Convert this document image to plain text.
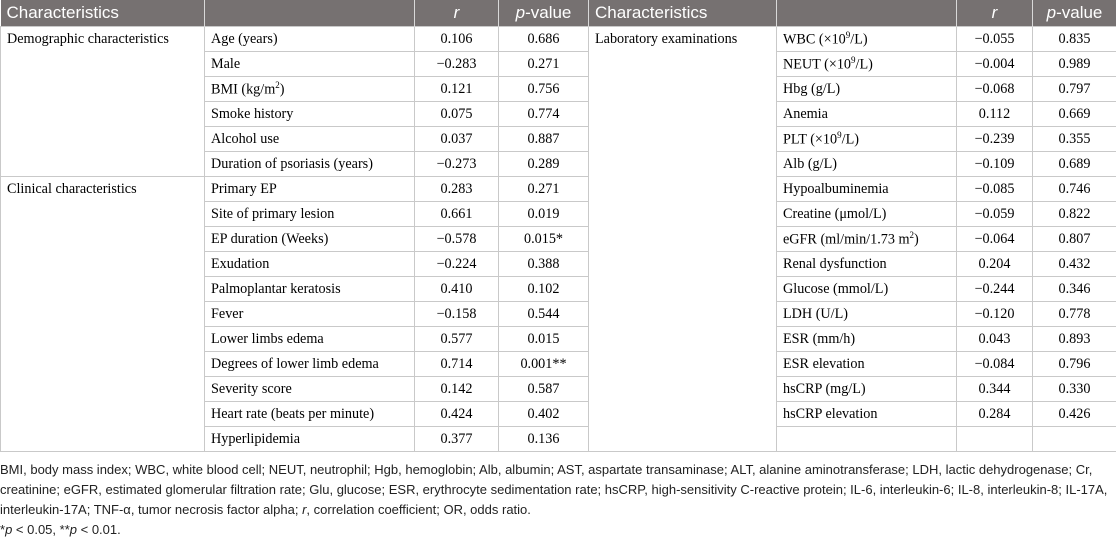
Characteristics		r	p-value	Characteristics		r	p-value
Demographic characteristics	Age (years)	0.106	0.686	Laboratory examinations	WBC $(\times 10^9/L)$	−0.055	0.835
	Male	−0.283	0.271		NEUT $(\times 10^9/L)$	−0.004	0.989
	BMI $(kg/m^2)$	0.121	0.756		Hbg (g/L)	−0.068	0.797
	Smoke history	0.075	0.774		Anemia	0.112	0.669
	Alcohol use	0.037	0.887		PLT $(\times 10^9/L)$	−0.239	0.355
	Duration of psoriasis (years)	−0.273	0.289		Alb (g/L)	−0.109	0.689
Clinical characteristics	Primary EP	0.283	0.271		Hypoalbuminemia	−0.085	0.746
	Site of primary lesion	0.661	0.019		Creatine (μmol/L)	−0.059	0.822
	EP duration (Weeks)	−0.578	0.015*		eGFR (ml/min/1.73 $m^2$)	−0.064	0.807
	Exudation	−0.224	0.388		Renal dysfunction	0.204	0.432
	Palmoplantar keratosis	0.410	0.102		Glucose (mmol/L)	−0.244	0.346
	Fever	−0.158	0.544		LDH (U/L)	−0.120	0.778
	Lower limbs edema	0.577	0.015		ESR (mm/h)	0.043	0.893
	Degrees of lower limb edema	0.714	0.001**		ESR elevation	−0.084	0.796
	Severity score	0.142	0.587		hsCRP (mg/L)	0.344	0.330
	Heart rate (beats per minute)	0.424	0.402		hsCRP elevation	0.284	0.426
	Hyperlipidemia	0.377	0.136				

BMI, body mass index; WBC, white blood cell; NEUT, neutrophil; Hgb, hemoglobin; Alb, albumin; AST, aspartate transaminase; ALT, alanine aminotransferase; LDH, lactic dehydrogenase; Cr, creatinine; eGFR, estimated glomerular filtration rate; Glu, glucose; ESR, erythrocyte sedimentation rate; hsCRP, high-sensitivity C-reactive protein; IL-6, interleukin-6; IL-8, interleukin-8; IL-17A, interleukin-17A; TNF-α, tumor necrosis factor alpha; r, correlation coefficient; OR, odds ratio.

*p < 0.05, **p < 0.01.
